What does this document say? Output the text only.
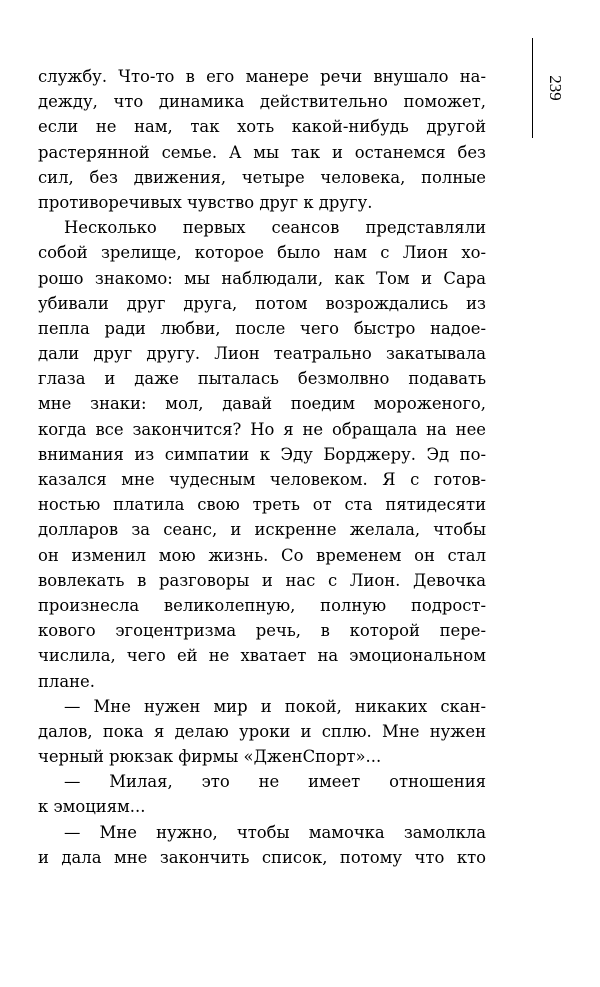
239
службу. Что-то в его манере речи внушало на-
дежду, что динамика действительно поможет,
если не нам, так хоть какой-нибудь другой
растерянной семье. А мы так и останемся без
сил, без движения, четыре человека, полные
противоречивых чувство друг к другу.
Несколько первых сеансов представляли
собой зрелище, которое было нам с Лион хо-
рошо знакомо: мы наблюдали, как Том и Сара
убивали друг друга, потом возрождались из
пепла ради любви, после чего быстро надое-
дали друг другу. Лион театрально закатывала
глаза и даже пыталась безмолвно подавать
мне знаки: мол, давай поедим мороженого,
когда все закончится? Но я не обращала на нее
внимания из симпатии к Эду Борджеру. Эд по-
казался мне чудесным человеком. Я с готов-
ностью платила свою треть от ста пятидесяти
долларов за сеанс, и искренне желала, чтобы
он изменил мою жизнь. Со временем он стал
вовлекать в разговоры и нас с Лион. Девочка
произнесла великолепную, полную подрост-
кового эгоцентризма речь, в которой пере-
числила, чего ей не хватает на эмоциональном
плане.
— Мне нужен мир и покой, никаких скан-
далов, пока я делаю уроки и сплю. Мне нужен
черный рюкзак фирмы «ДженСпорт»...
— Милая, это не имеет отношения
к эмоциям...
— Мне нужно, чтобы мамочка замолкла
и дала мне закончить список, потому что кто
